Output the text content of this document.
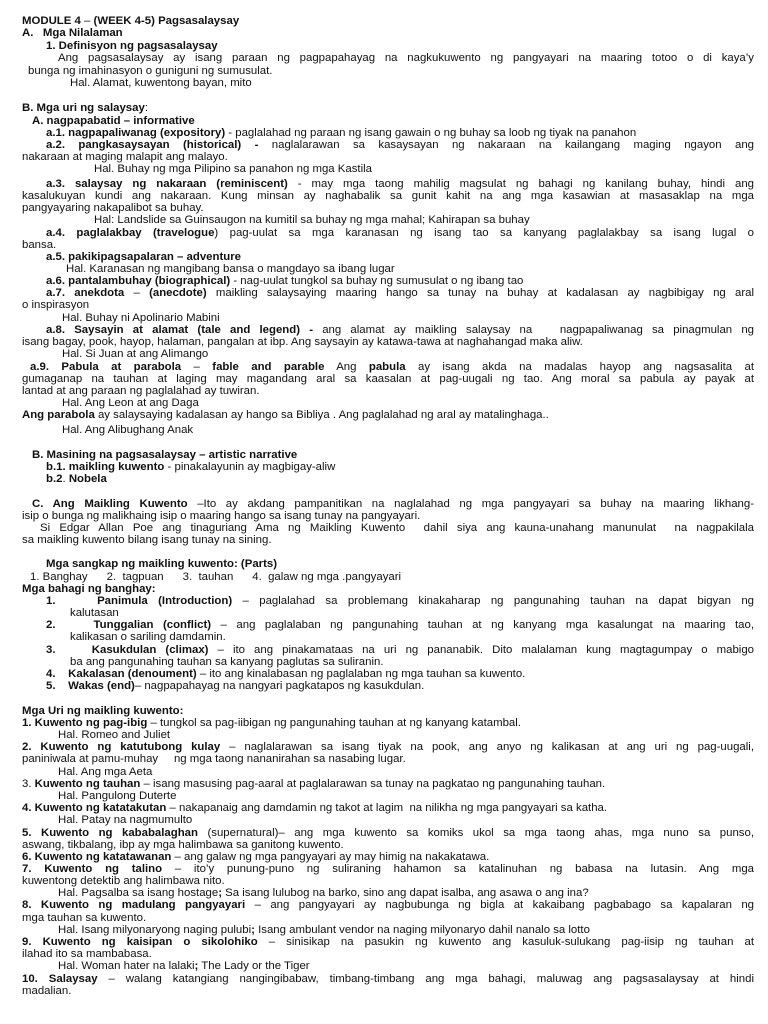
MODULE 4 – (WEEK 4-5) Pagsasalaysay
A.   Mga Nilalaman
1. Definisyon ng pagsasalaysay
Ang pagsasalaysay ay isang paraan ng pagpapahayag na nagkukuwento ng pangyayari na maaring totoo o di kaya’y
bunga ng imahinasyon o guniguni ng sumusulat.
Hal. Alamat, kuwentong bayan, mito
B. Mga uri ng salaysay:
A. nagpapabatid – informative
a.1. nagpapaliwanag (expository) - paglalahad ng paraan ng isang gawain o ng buhay sa loob ng tiyak na panahon
a.2. pangkasaysayan (historical) - naglalarawan sa kasaysayan ng nakaraan na kailangang maging ngayon ang
nakaraan at maging malapit ang malayo.
Hal. Buhay ng mga Pilipino sa panahon ng mga Kastila
a.3. salaysay ng nakaraan (reminiscent) - may mga taong mahilig magsulat ng bahagi ng kanilang buhay, hindi ang
kasalukuyan kundi ang nakaraan. Kung minsan ay naghabalik sa gunit kahit na ang mga kasawian at masasaklap na mga
pangyayaring nakapalibot sa buhay.
Hal: Landslide sa Guinsaugon na kumitil sa buhay ng mga mahal; Kahirapan sa buhay
a.4. paglalakbay (travelogue) pag-uulat sa mga karanasan ng isang tao sa kanyang paglalakbay sa isang lugal o
bansa.
a.5. pakikipagsapalaran – adventure
Hal. Karanasan ng mangibang bansa o mangdayo sa ibang lugar
a.6. pantalambuhay (biographical) - nag-uulat tungkol sa buhay ng sumusulat o ng ibang tao
a.7. anekdota – (anecdote) maikling salaysaying maaring hango sa tunay na buhay at kadalasan ay nagbibigay ng aral
o inspirasyon
Hal. Buhay ni Apolinario Mabini
a.8. Saysayin at alamat (tale and legend) - ang alamat ay maikling salaysay na   nagpapaliwanag sa pinagmulan ng
isang bagay, pook, hayop, halaman, pangalan at ibp. Ang saysayin ay katawa-tawa at naghahangad maka aliw.
Hal. Si Juan at ang Alimango
a.9. Pabula at parabola – fable and parable Ang pabula ay isang akda na madalas hayop ang nagsasalita at
gumaganap na tauhan at laging may magandang aral sa kaasalan at pag-uugali ng tao. Ang moral sa pabula ay payak at
lantad at ang paraan ng paglalahad ay tuwiran.
Hal. Ang Leon at ang Daga
Ang parabola ay salaysaying kadalasan ay hango sa Bibliya . Ang paglalahad ng aral ay matalinghaga..
Hal. Ang Alibughang Anak
B. Masining na pagsasalaysay – artistic narrative
b.1. maikling kuwento - pinakalayunin ay magbigay-aliw
b.2. Nobela
C. Ang Maikling Kuwento –Ito ay akdang pampanitikan na naglalahad ng mga pangyayari sa buhay na maaring likhang-
isip o bunga ng malikhaing isip o maaring hango sa isang tunay na pangyayari.
Si Edgar Allan Poe ang tinaguriang Ama ng Maikling Kuwento  dahil siya ang kauna-unahang manunulat  na nagpakilala
sa maikling kuwento bilang isang tunay na sining.
Mga sangkap ng maikling kuwento: (Parts)
1. Banghay      2.  tagpuan      3.  tauhan      4.  galaw ng mga .pangyayari
Mga bahagi ng banghay:
1.	Panimula (Introduction) – paglalahad sa problemang kinakaharap ng pangunahing tauhan na dapat bigyan ng
kalutasan
2.	Tunggalian (conflict) – ang paglalaban ng pangunahing tauhan at ng kanyang mga kasalungat na maaring tao,
kalikasan o sariling damdamin.
3.	Kasukdulan (climax) – ito ang pinakamataas na uri ng pananabik. Dito malalaman kung magtagumpay o mabigo
ba ang pangunahing tauhan sa kanyang paglutas sa suliranin.
4. Kakalasan (denoument) – ito ang kinalabasan ng paglalaban ng mga tauhan sa kuwento.
5. Wakas (end)– nagpapahayag na nangyari pagkatapos ng kasukdulan.
Mga Uri ng maikling kuwento:
1. Kuwento ng pag-ibig – tungkol sa pag-iibigan ng pangunahing tauhan at ng kanyang katambal.
Hal. Romeo and Juliet
2. Kuwento ng katutubong kulay – naglalarawan sa isang tiyak na pook, ang anyo ng kalikasan at ang uri ng pag-uugali,
paniniwala at pamu-muhay     ng mga taong nananirahan sa nasabing lugar.
Hal. Ang mga Aeta
3. Kuwento ng tauhan – isang masusing pag-aaral at paglalarawan sa tunay na pagkatao ng pangunahing tauhan.
Hal. Pangulong Duterte
4. Kuwento ng katatakutan – nakapanaig ang damdamin ng takot at lagim  na nilikha ng mga pangyayari sa katha.
Hal. Patay na nagmumulto
5. Kuwento ng kababalaghan (supernatural)– ang mga kuwento sa komiks ukol sa mga taong ahas, mga nuno sa punso,
aswang, tikbalang, ibp ay mga halimbawa sa ganitong kuwento.
6. Kuwento ng katatawanan – ang galaw ng mga pangyayari ay may himig na nakakatawa.
7. Kuwento ng talino – ito’y punung-puno ng suliraning hahamon sa katalinuhan ng babasa na lutasin. Ang mga
kuwentong detektib ang halimbawa nito.
Hal. Pagsalba sa isang hostage; Sa isang lulubog na barko, sino ang dapat isalba, ang asawa o ang ina?
8. Kuwento ng madulang pangyayari – ang pangyayari ay nagbubunga ng bigla at kakaibang pagbabago sa kapalaran ng
mga tauhan sa kuwento.
Hal. Isang milyonaryong naging pulubi; Isang ambulant vendor na naging milyonaryo dahil nanalo sa lotto
9. Kuwento ng kaisipan o sikolohiko – sinisikap na pasukin ng kuwento ang kasuluk-sulukang pag-iisip ng tauhan at
ilahad ito sa mambabasa.
Hal. Woman hater na lalaki; The Lady or the Tiger
10. Salaysay – walang katangiang nangingibabaw, timbang-timbang ang mga bahagi, maluwag ang pagsasalaysay at hindi
madalian.
